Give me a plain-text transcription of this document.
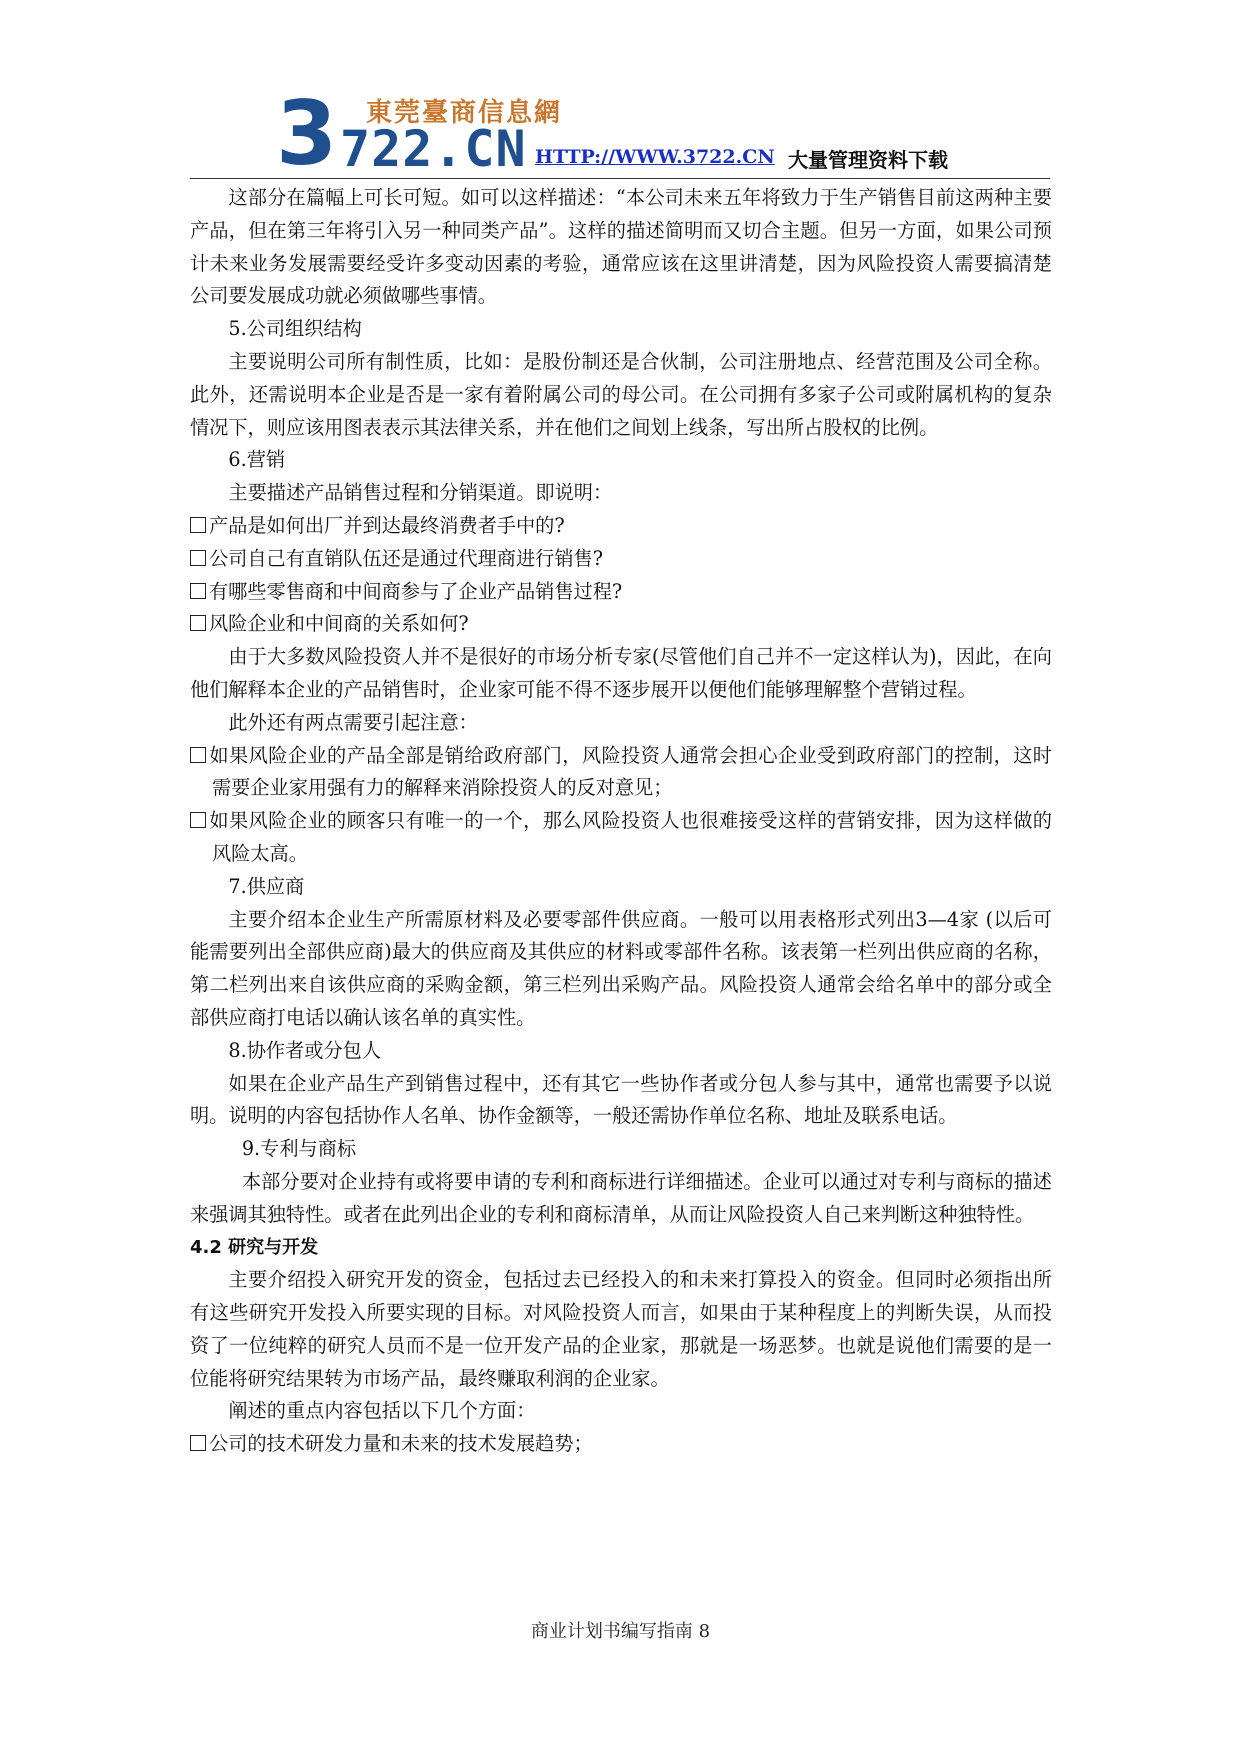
3 東莞臺商信息網
722.CN HTTP://WWW.3722.CN 大量管理资料下载

这部分在篇幅上可长可短。如可以这样描述：“本公司未来五年将致力于生产销售目前这两种主要产品，但在第三年将引入另一种同类产品”。这样的描述简明而又切合主题。但另一方面，如果公司预计未来业务发展需要经受许多变动因素的考验，通常应该在这里讲清楚，因为风险投资人需要搞清楚公司要发展成功就必须做哪些事情。

5.公司组织结构

主要说明公司所有制性质，比如：是股份制还是合伙制，公司注册地点、经营范围及公司全称。此外，还需说明本企业是否是一家有着附属公司的母公司。在公司拥有多家子公司或附属机构的复杂情况下，则应该用图表表示其法律关系，并在他们之间划上线条，写出所占股权的比例。

6.营销

主要描述产品销售过程和分销渠道。即说明：

产品是如何出厂并到达最终消费者手中的?
公司自己有直销队伍还是通过代理商进行销售?
有哪些零售商和中间商参与了企业产品销售过程?
风险企业和中间商的关系如何?

由于大多数风险投资人并不是很好的市场分析专家(尽管他们自己并不一定这样认为)，因此，在向他们解释本企业的产品销售时，企业家可能不得不逐步展开以便他们能够理解整个营销过程。

此外还有两点需要引起注意：

如果风险企业的产品全部是销给政府部门，风险投资人通常会担心企业受到政府部门的控制，这时需要企业家用强有力的解释来消除投资人的反对意见；
如果风险企业的顾客只有唯一的一个，那么风险投资人也很难接受这样的营销安排，因为这样做的风险太高。

7.供应商

主要介绍本企业生产所需原材料及必要零部件供应商。一般可以用表格形式列出3—4家 (以后可能需要列出全部供应商)最大的供应商及其供应的材料或零部件名称。该表第一栏列出供应商的名称，第二栏列出来自该供应商的采购金额，第三栏列出采购产品。风险投资人通常会给名单中的部分或全部供应商打电话以确认该名单的真实性。

8.协作者或分包人

如果在企业产品生产到销售过程中，还有其它一些协作者或分包人参与其中，通常也需要予以说明。说明的内容包括协作人名单、协作金额等，一般还需协作单位名称、地址及联系电话。

9.专利与商标

本部分要对企业持有或将要申请的专利和商标进行详细描述。企业可以通过对专利与商标的描述来强调其独特性。或者在此列出企业的专利和商标清单，从而让风险投资人自己来判断这种独特性。

4.2 研究与开发

主要介绍投入研究开发的资金，包括过去已经投入的和未来打算投入的资金。但同时必须指出所有这些研究开发投入所要实现的目标。对风险投资人而言，如果由于某种程度上的判断失误，从而投资了一位纯粹的研究人员而不是一位开发产品的企业家，那就是一场恶梦。也就是说他们需要的是一位能将研究结果转为市场产品，最终赚取利润的企业家。

阐述的重点内容包括以下几个方面：

公司的技术研发力量和未来的技术发展趋势；
商业计划书编写指南 8
